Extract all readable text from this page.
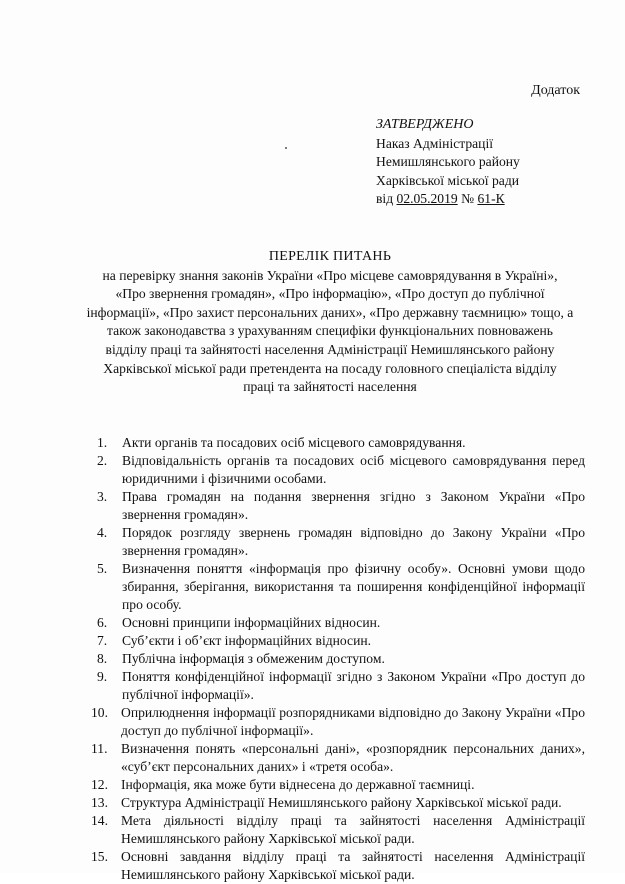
Додаток
ЗАТВЕРДЖЕНО
Наказ Адміністрації
Немишлянського району
Харківської міської ради
від 02.05.2019 № 61-К
ПЕРЕЛІК ПИТАНЬ
на перевірку знання законів України «Про місцеве самоврядування в Україні»,
«Про звернення громадян», «Про інформацію», «Про доступ до публічної
інформації», «Про захист персональних даних», «Про державну таємницю» тощо, а
також законодавства з урахуванням специфіки функціональних повноважень
відділу праці та зайнятості населення Адміністрації Немишлянського району
Харківської міської ради претендента на посаду головного спеціаліста відділу
праці та зайнятості населення
1. Акти органів та посадових осіб місцевого самоврядування.
2. Відповідальність органів та посадових осіб місцевого самоврядування перед юридичними і фізичними особами.
3. Права громадян на подання звернення згідно з Законом України «Про звернення громадян».
4. Порядок розгляду звернень громадян відповідно до Закону України «Про звернення громадян».
5. Визначення поняття «інформація про фізичну особу». Основні умови щодо збирання, зберігання, використання та поширення конфіденційної інформації про особу.
6. Основні принципи інформаційних відносин.
7. Суб’єкти і об’єкт інформаційних відносин.
8. Публічна інформація з обмеженим доступом.
9. Поняття конфіденційної інформації згідно з Законом України «Про доступ до публічної інформації».
10. Оприлюднення інформації розпорядниками відповідно до Закону України «Про доступ до публічної інформації».
11. Визначення понять «персональні дані», «розпорядник персональних даних», «суб’єкт персональних даних» і «третя особа».
12. Інформація, яка може бути віднесена до державної таємниці.
13. Структура Адміністрації Немишлянського району Харківської міської ради.
14. Мета діяльності відділу праці та зайнятості населення Адміністрації Немишлянського району Харківської міської ради.
15. Основні завдання відділу праці та зайнятості населення Адміністрації Немишлянського району Харківської міської ради.
